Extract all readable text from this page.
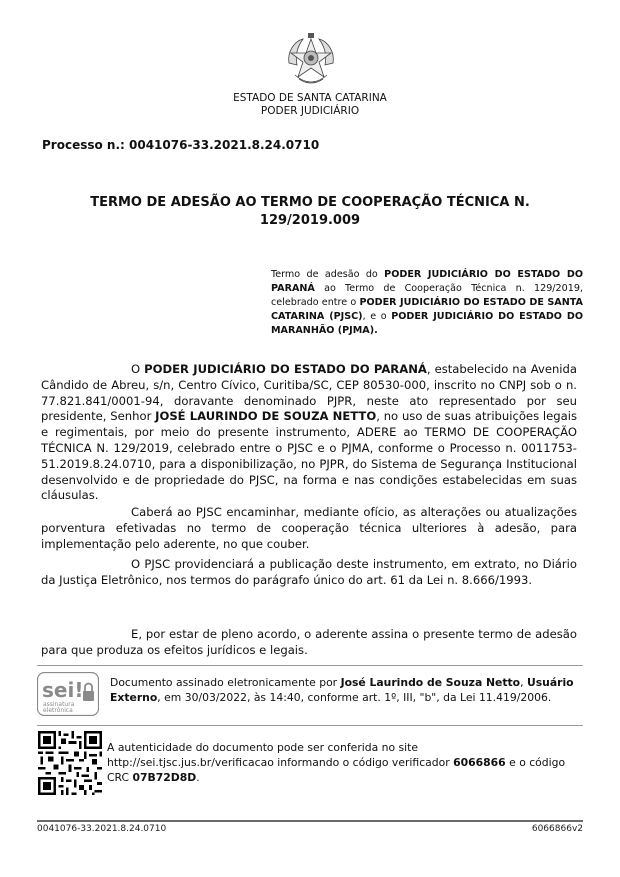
ESTADO DE SANTA CATARINA
PODER JUDICIÁRIO
Processo n.: 0041076-33.2021.8.24.0710
TERMO DE ADESÃO AO TERMO DE COOPERAÇÃO TÉCNICA N.
129/2019.009
Termo de adesão do PODER JUDICIÁRIO DO ESTADO DO PARANÁ ao Termo de Cooperação Técnica n. 129/2019, celebrado entre o PODER JUDICIÁRIO DO ESTADO DE SANTA CATARINA (PJSC), e o PODER JUDICIÁRIO DO ESTADO DO MARANHÃO (PJMA).

O PODER JUDICIÁRIO DO ESTADO DO PARANÁ, estabelecido na Avenida Cândido de Abreu, s/n, Centro Cívico, Curitiba/SC, CEP 80530-000, inscrito no CNPJ sob o n. 77.821.841/0001-94, doravante denominado PJPR, neste ato representado por seu presidente, Senhor JOSÉ LAURINDO DE SOUZA NETTO, no uso de suas atribuições legais e regimentais, por meio do presente instrumento, ADERE ao TERMO DE COOPERAÇÃO TÉCNICA N. 129/2019, celebrado entre o PJSC e o PJMA, conforme o Processo n. 0011753-51.2019.8.24.0710, para a disponibilização, no PJPR, do Sistema de Segurança Institucional desenvolvido e de propriedade do PJSC, na forma e nas condições estabelecidas em suas cláusulas.

Caberá ao PJSC encaminhar, mediante ofício, as alterações ou atualizações porventura efetivadas no termo de cooperação técnica ulteriores à adesão, para implementação pelo aderente, no que couber.

O PJSC providenciará a publicação deste instrumento, em extrato, no Diário da Justiça Eletrônico, nos termos do parágrafo único do art. 61 da Lei n. 8.666/1993.

E, por estar de pleno acordo, o aderente assina o presente termo de adesão para que produza os efeitos jurídicos e legais.

sei!
assinatura
eletrônica
Documento assinado eletronicamente por José Laurindo de Souza Netto, Usuário Externo, em 30/03/2022, às 14:40, conforme art. 1º, III, "b", da Lei 11.419/2006.
A autenticidade do documento pode ser conferida no site http://sei.tjsc.jus.br/verificacao informando o código verificador 6066866 e o código CRC 07B72D8D.
0041076-33.2021.8.24.0710	6066866v2
